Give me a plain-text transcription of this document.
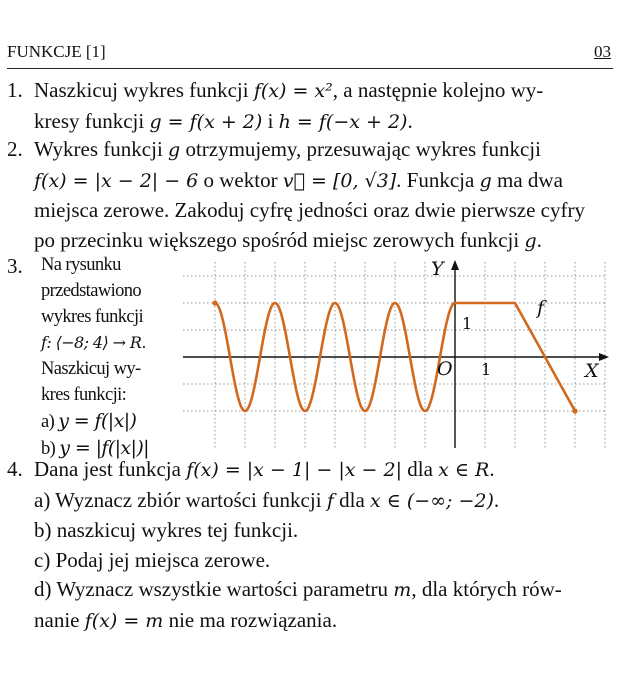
FUNKCJE [1]	03
1. Naszkicuj wykres funkcji f(x) = x², a następnie kolejno wy-
kresy funkcji g = f(x + 2) i h = f(−x + 2).
2. Wykres funkcji g otrzymujemy, przesuwając wykres funkcji
f(x) = |x − 2| − 6 o wektor v⃗ = [0, √3]. Funkcja g ma dwa
miejsca zerowe. Zakoduj cyfrę jedności oraz dwie pierwsze cyfry
po przecinku większego spośród miejsc zerowych funkcji g.
3. Na rysunku
przedstawiono
wykres funkcji
f: ⟨−8; 4⟩ → R.
Naszkicuj wy-
kres funkcji:
a) y = f(|x|)
b) y = |f(|x|)|
Y
X
O 1
1
f
4. Dana jest funkcja f(x) = |x − 1| − |x − 2| dla x ∈ R.
a) Wyznacz zbiór wartości funkcji f dla x ∈ (−∞; −2).
b) naszkicuj wykres tej funkcji.
c) Podaj jej miejsca zerowe.
d) Wyznacz wszystkie wartości parametru m, dla których rów-
nanie f(x) = m nie ma rozwiązania.
